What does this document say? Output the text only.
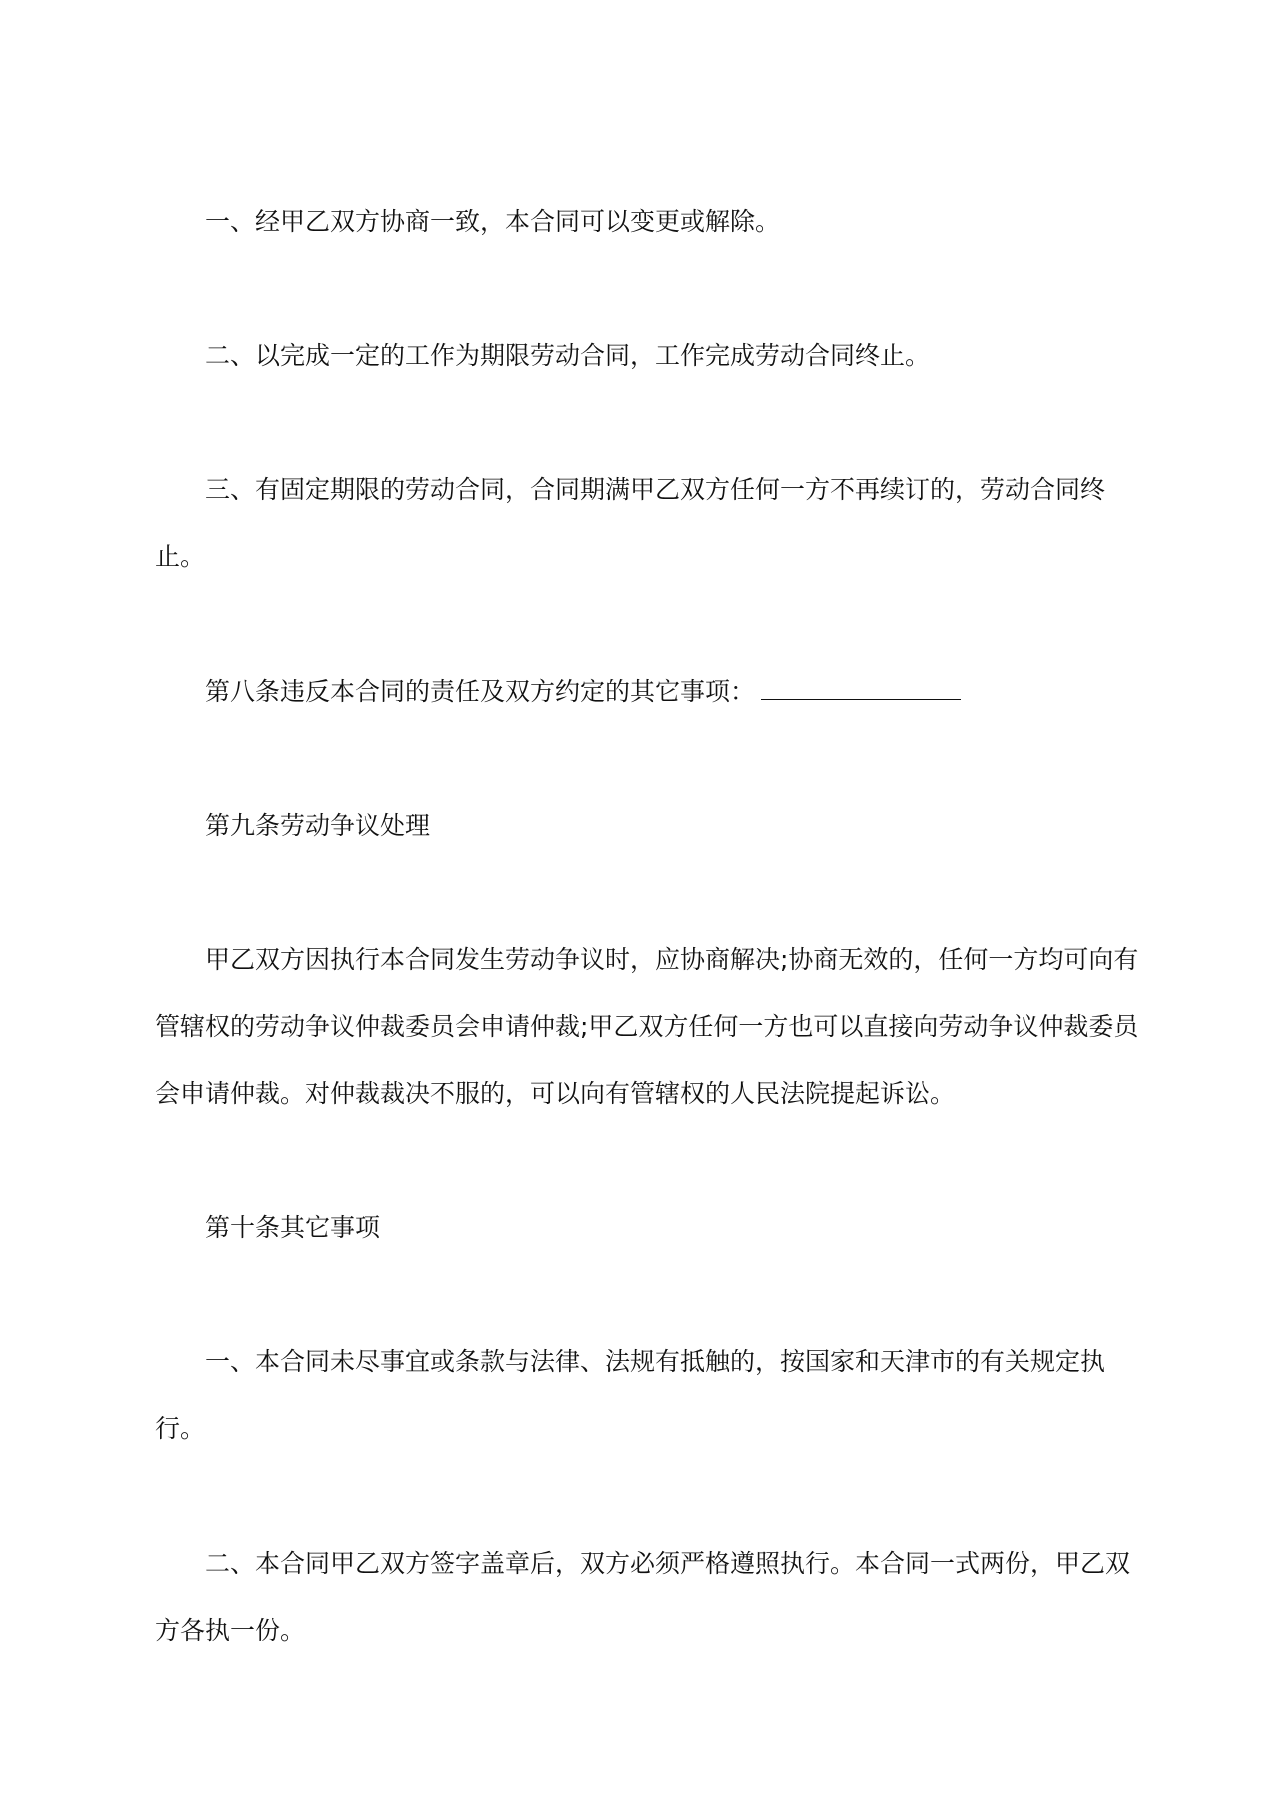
一、经甲乙双方协商一致，本合同可以变更或解除。

二、以完成一定的工作为期限劳动合同，工作完成劳动合同终止。

三、有固定期限的劳动合同，合同期满甲乙双方任何一方不再续订的，劳动合同终止。

第八条违反本合同的责任及双方约定的其它事项：

第九条劳动争议处理

甲乙双方因执行本合同发生劳动争议时，应协商解决;协商无效的，任何一方均可向有管辖权的劳动争议仲裁委员会申请仲裁;甲乙双方任何一方也可以直接向劳动争议仲裁委员会申请仲裁。对仲裁裁决不服的，可以向有管辖权的人民法院提起诉讼。

第十条其它事项

一、本合同未尽事宜或条款与法律、法规有抵触的，按国家和天津市的有关规定执行。

二、本合同甲乙双方签字盖章后，双方必须严格遵照执行。本合同一式两份，甲乙双方各执一份。
